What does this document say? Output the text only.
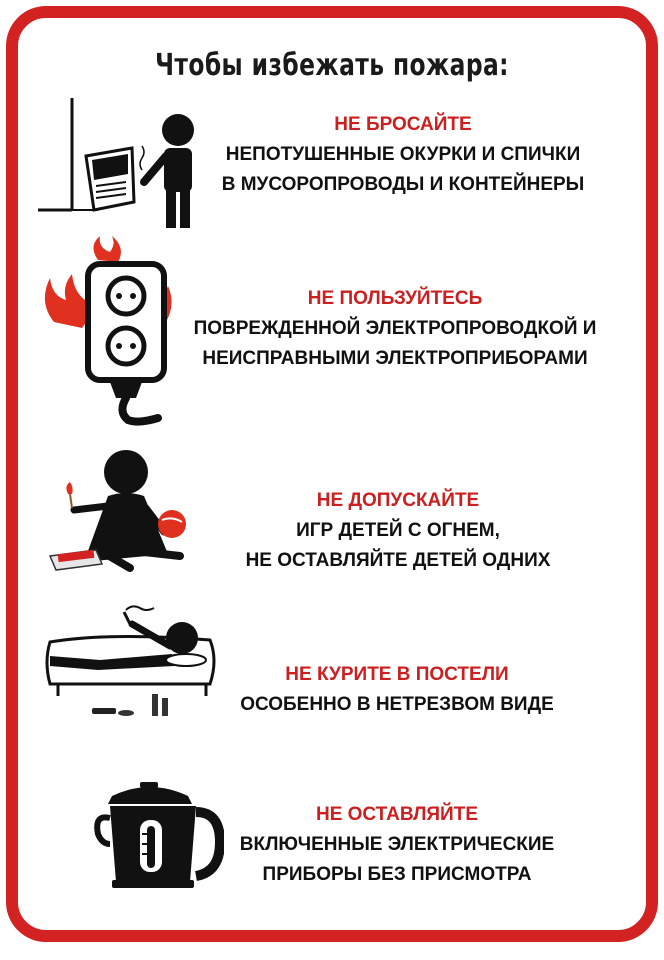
Чтобы избежать пожара:
НЕ БРОСАЙТЕ
НЕПОТУШЕННЫЕ ОКУРКИ И СПИЧКИ
В МУСОРОПРОВОДЫ И КОНТЕЙНЕРЫ
НЕ ПОЛЬЗУЙТЕСЬ
ПОВРЕЖДЕННОЙ ЭЛЕКТРОПРОВОДКОЙ И
НЕИСПРАВНЫМИ ЭЛЕКТРОПРИБОРАМИ
НЕ ДОПУСКАЙТЕ
ИГР ДЕТЕЙ С ОГНЕМ,
НЕ ОСТАВЛЯЙТЕ ДЕТЕЙ ОДНИХ
НЕ КУРИТЕ В ПОСТЕЛИ
ОСОБЕННО В НЕТРЕЗВОМ ВИДЕ
НЕ ОСТАВЛЯЙТЕ
ВКЛЮЧЕННЫЕ ЭЛЕКТРИЧЕСКИЕ
ПРИБОРЫ БЕЗ ПРИСМОТРА
